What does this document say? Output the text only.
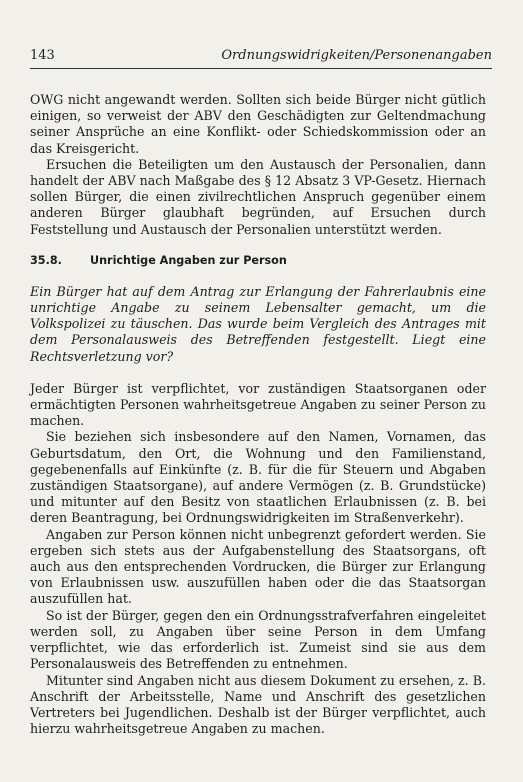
143	Ordnungswidrigkeiten/Personenangaben

OWG nicht angewandt werden. Sollten sich beide Bürger nicht gütlich einigen, so verweist der ABV den Geschädigten zur Geltendmachung seiner Ansprüche an eine Konflikt- oder Schiedskommission oder an das Kreisgericht.

Ersuchen die Beteiligten um den Austausch der Personalien, dann handelt der ABV nach Maßgabe des § 12 Absatz 3 VP-Gesetz. Hiernach sollen Bürger, die einen zivilrechtlichen Anspruch gegenüber einem anderen Bürger glaubhaft begründen, auf Ersuchen durch Feststellung und Austausch der Personalien unterstützt werden.

35.8.	Unrichtige Angaben zur Person

Ein Bürger hat auf dem Antrag zur Erlangung der Fahrerlaubnis eine unrichtige Angabe zu seinem Lebensalter gemacht, um die Volkspolizei zu täuschen. Das wurde beim Vergleich des Antrages mit dem Personalausweis des Betreffenden festgestellt. Liegt eine Rechtsverletzung vor?

Jeder Bürger ist verpflichtet, vor zuständigen Staatsorganen oder ermächtigten Personen wahrheitsgetreue Angaben zu seiner Person zu machen.

Sie beziehen sich insbesondere auf den Namen, Vornamen, das Geburtsdatum, den Ort, die Wohnung und den Familienstand, gegebenenfalls auf Einkünfte (z. B. für die für Steuern und Abgaben zuständigen Staatsorgane), auf andere Vermögen (z. B. Grundstücke) und mitunter auf den Besitz von staatlichen Erlaubnissen (z. B. bei deren Beantragung, bei Ordnungswidrigkeiten im Straßenverkehr).

Angaben zur Person können nicht unbegrenzt gefordert werden. Sie ergeben sich stets aus der Aufgabenstellung des Staatsorgans, oft auch aus den entsprechenden Vordrucken, die Bürger zur Erlangung von Erlaubnissen usw. auszufüllen haben oder die das Staatsorgan auszufüllen hat.

So ist der Bürger, gegen den ein Ordnungsstrafverfahren eingeleitet werden soll, zu Angaben über seine Person in dem Umfang verpflichtet, wie das erforderlich ist. Zumeist sind sie aus dem Personalausweis des Betreffenden zu entnehmen.

Mitunter sind Angaben nicht aus diesem Dokument zu ersehen, z. B. Anschrift der Arbeitsstelle, Name und Anschrift des gesetzlichen Vertreters bei Jugendlichen. Deshalb ist der Bürger verpflichtet, auch hierzu wahrheitsgetreue Angaben zu machen.
